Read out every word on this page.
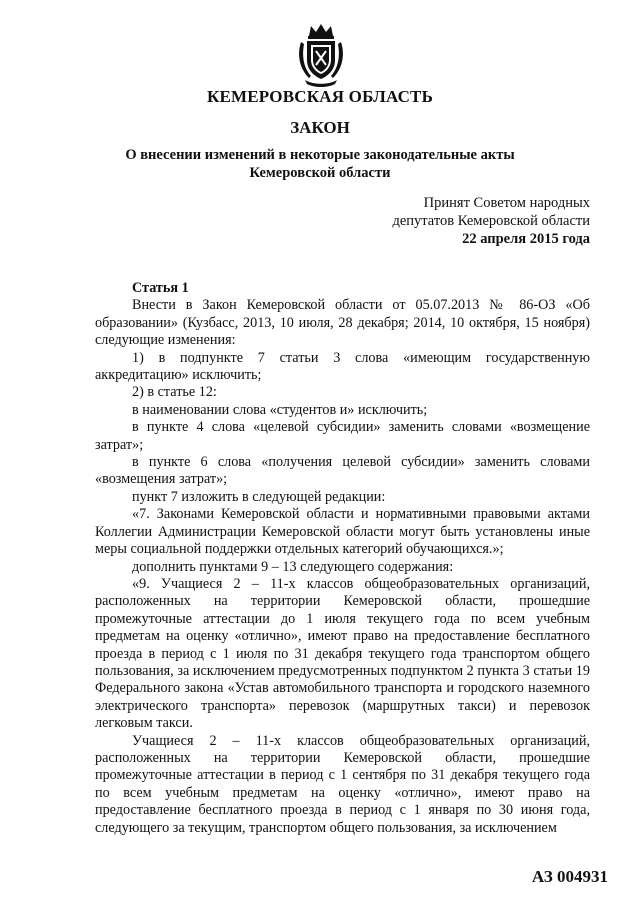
КЕМЕРОВСКАЯ ОБЛАСТЬ
ЗАКОН
О внесении изменений в некоторые законодательные акты
Кемеровской области
Принят Советом народных
депутатов Кемеровской области
22 апреля 2015 года

Статья 1

Внести в Закон Кемеровской области от 05.07.2013 № 86-ОЗ «Об образовании» (Кузбасс, 2013, 10 июля, 28 декабря; 2014, 10 октября, 15 ноября) следующие изменения:

1) в подпункте 7 статьи 3 слова «имеющим государственную аккредитацию» исключить;

2) в статье 12:

в наименовании слова «студентов и» исключить;

в пункте 4 слова «целевой субсидии» заменить словами «возмещение затрат»;

в пункте 6 слова «получения целевой субсидии» заменить словами «возмещения затрат»;

пункт 7 изложить в следующей редакции:

«7. Законами Кемеровской области и нормативными правовыми актами Коллегии Администрации Кемеровской области могут быть установлены иные меры социальной поддержки отдельных категорий обучающихся.»;

дополнить пунктами 9 – 13 следующего содержания:

«9. Учащиеся 2 – 11-х классов общеобразовательных организаций, расположенных на территории Кемеровской области, прошедшие промежуточные аттестации до 1 июля текущего года по всем учебным предметам на оценку «отлично», имеют право на предоставление бесплатного проезда в период с 1 июля по 31 декабря текущего года транспортом общего пользования, за исключением предусмотренных подпунктом 2 пункта 3 статьи 19 Федерального закона «Устав автомобильного транспорта и городского наземного электрического транспорта» перевозок (маршрутных такси) и перевозок легковым такси.

Учащиеся 2 – 11-х классов общеобразовательных организаций, расположенных на территории Кемеровской области, прошедшие промежуточные аттестации в период с 1 сентября по 31 декабря текущего года по всем учебным предметам на оценку «отлично», имеют право на предоставление бесплатного проезда в период с 1 января по 30 июня года, следующего за текущим, транспортом общего пользования, за исключением

АЗ 004931
